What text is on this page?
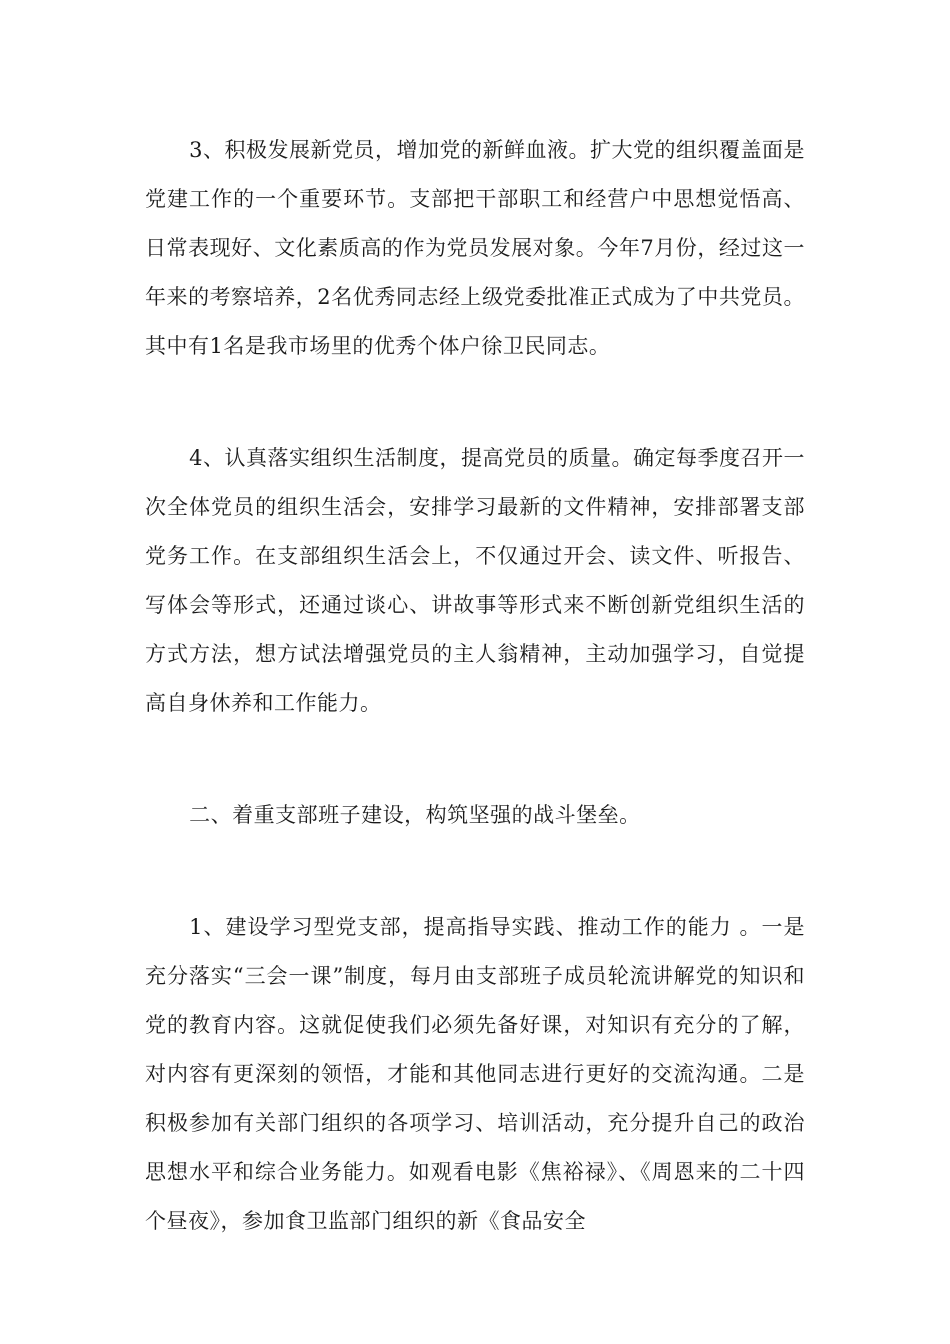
3、积极发展新党员，增加党的新鲜血液。扩大党的组织覆盖面是党建工作的一个重要环节。支部把干部职工和经营户中思想觉悟高、日常表现好、文化素质高的作为党员发展对象。今年7月份，经过这一年来的考察培养，2名优秀同志经上级党委批准正式成为了中共党员。其中有1名是我市场里的优秀个体户徐卫民同志。

4、认真落实组织生活制度，提高党员的质量。确定每季度召开一次全体党员的组织生活会，安排学习最新的文件精神，安排部署支部党务工作。在支部组织生活会上，不仅通过开会、读文件、听报告、写体会等形式，还通过谈心、讲故事等形式来不断创新党组织生活的方式方法，想方试法增强党员的主人翁精神，主动加强学习，自觉提高自身休养和工作能力。

二、着重支部班子建设，构筑坚强的战斗堡垒。

1、建设学习型党支部，提高指导实践、推动工作的能力 。一是充分落实“三会一课”制度，每月由支部班子成员轮流讲解党的知识和党的教育内容。这就促使我们必须先备好课，对知识有充分的了解，对内容有更深刻的领悟，才能和其他同志进行更好的交流沟通。二是积极参加有关部门组织的各项学习、培训活动，充分提升自己的政治思想水平和综合业务能力。如观看电影《焦裕禄》、《周恩来的二十四个昼夜》，参加食卫监部门组织的新《食品安全
